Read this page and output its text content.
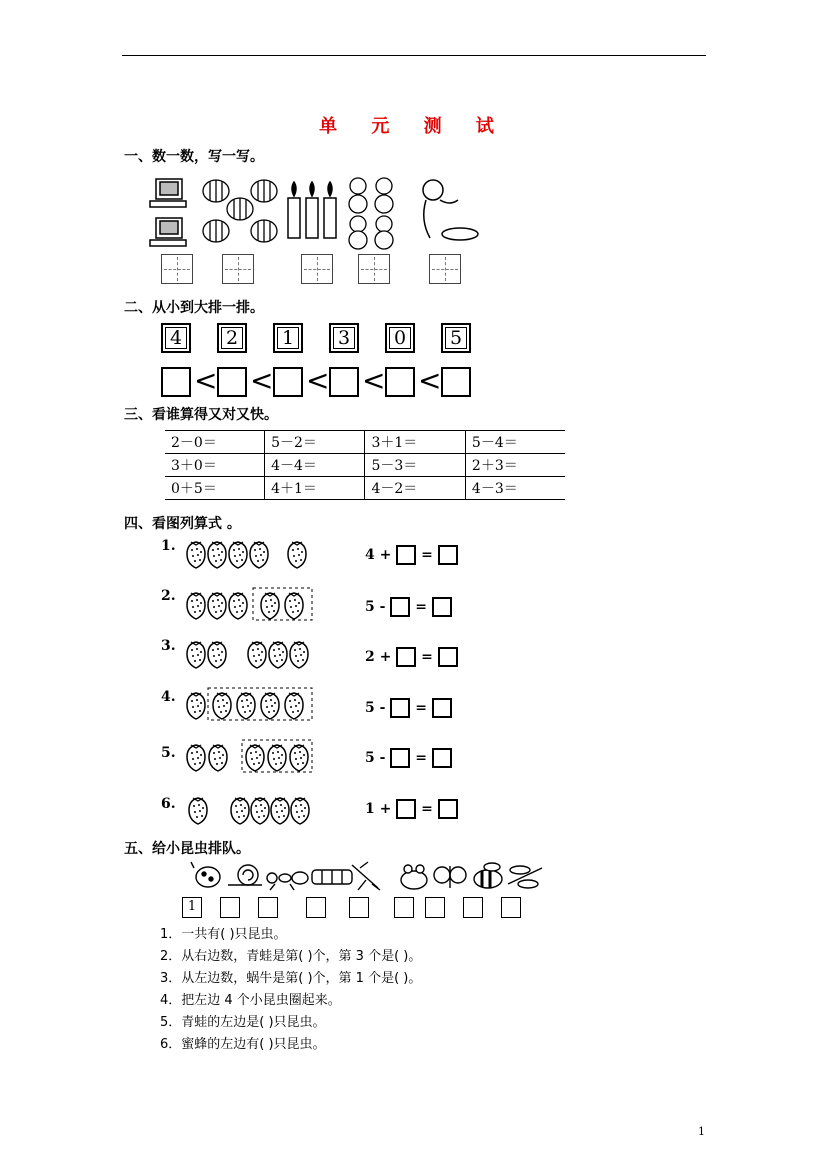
单 元 测 试
一、数一数，写一写。
二、从小到大排一排。
4	2	1	3	0	5
< < < < <
三、看谁算得又对又快。
2－0＝	5－2＝	3＋1＝	5－4＝
3＋0＝	4－4＝	5－3＝	2＋3＝
0＋5＝	4＋1＝	4－2＝	4－3＝
四、看图列算式 。
1.
4 + =
2.
5 - =
3.
2 + =
4.
5 - =
5.	5 - =
6.	1 + =
五、给小昆虫排队。
1
1．一共有( )只昆虫。
2．从右边数，青蛙是第( )个，第 3 个是( )。
3．从左边数，蜗牛是第( )个，第 1 个是( )。
4．把左边 4 个小昆虫圈起来。
5．青蛙的左边是( )只昆虫。
6．蜜蜂的左边有( )只昆虫。
1
